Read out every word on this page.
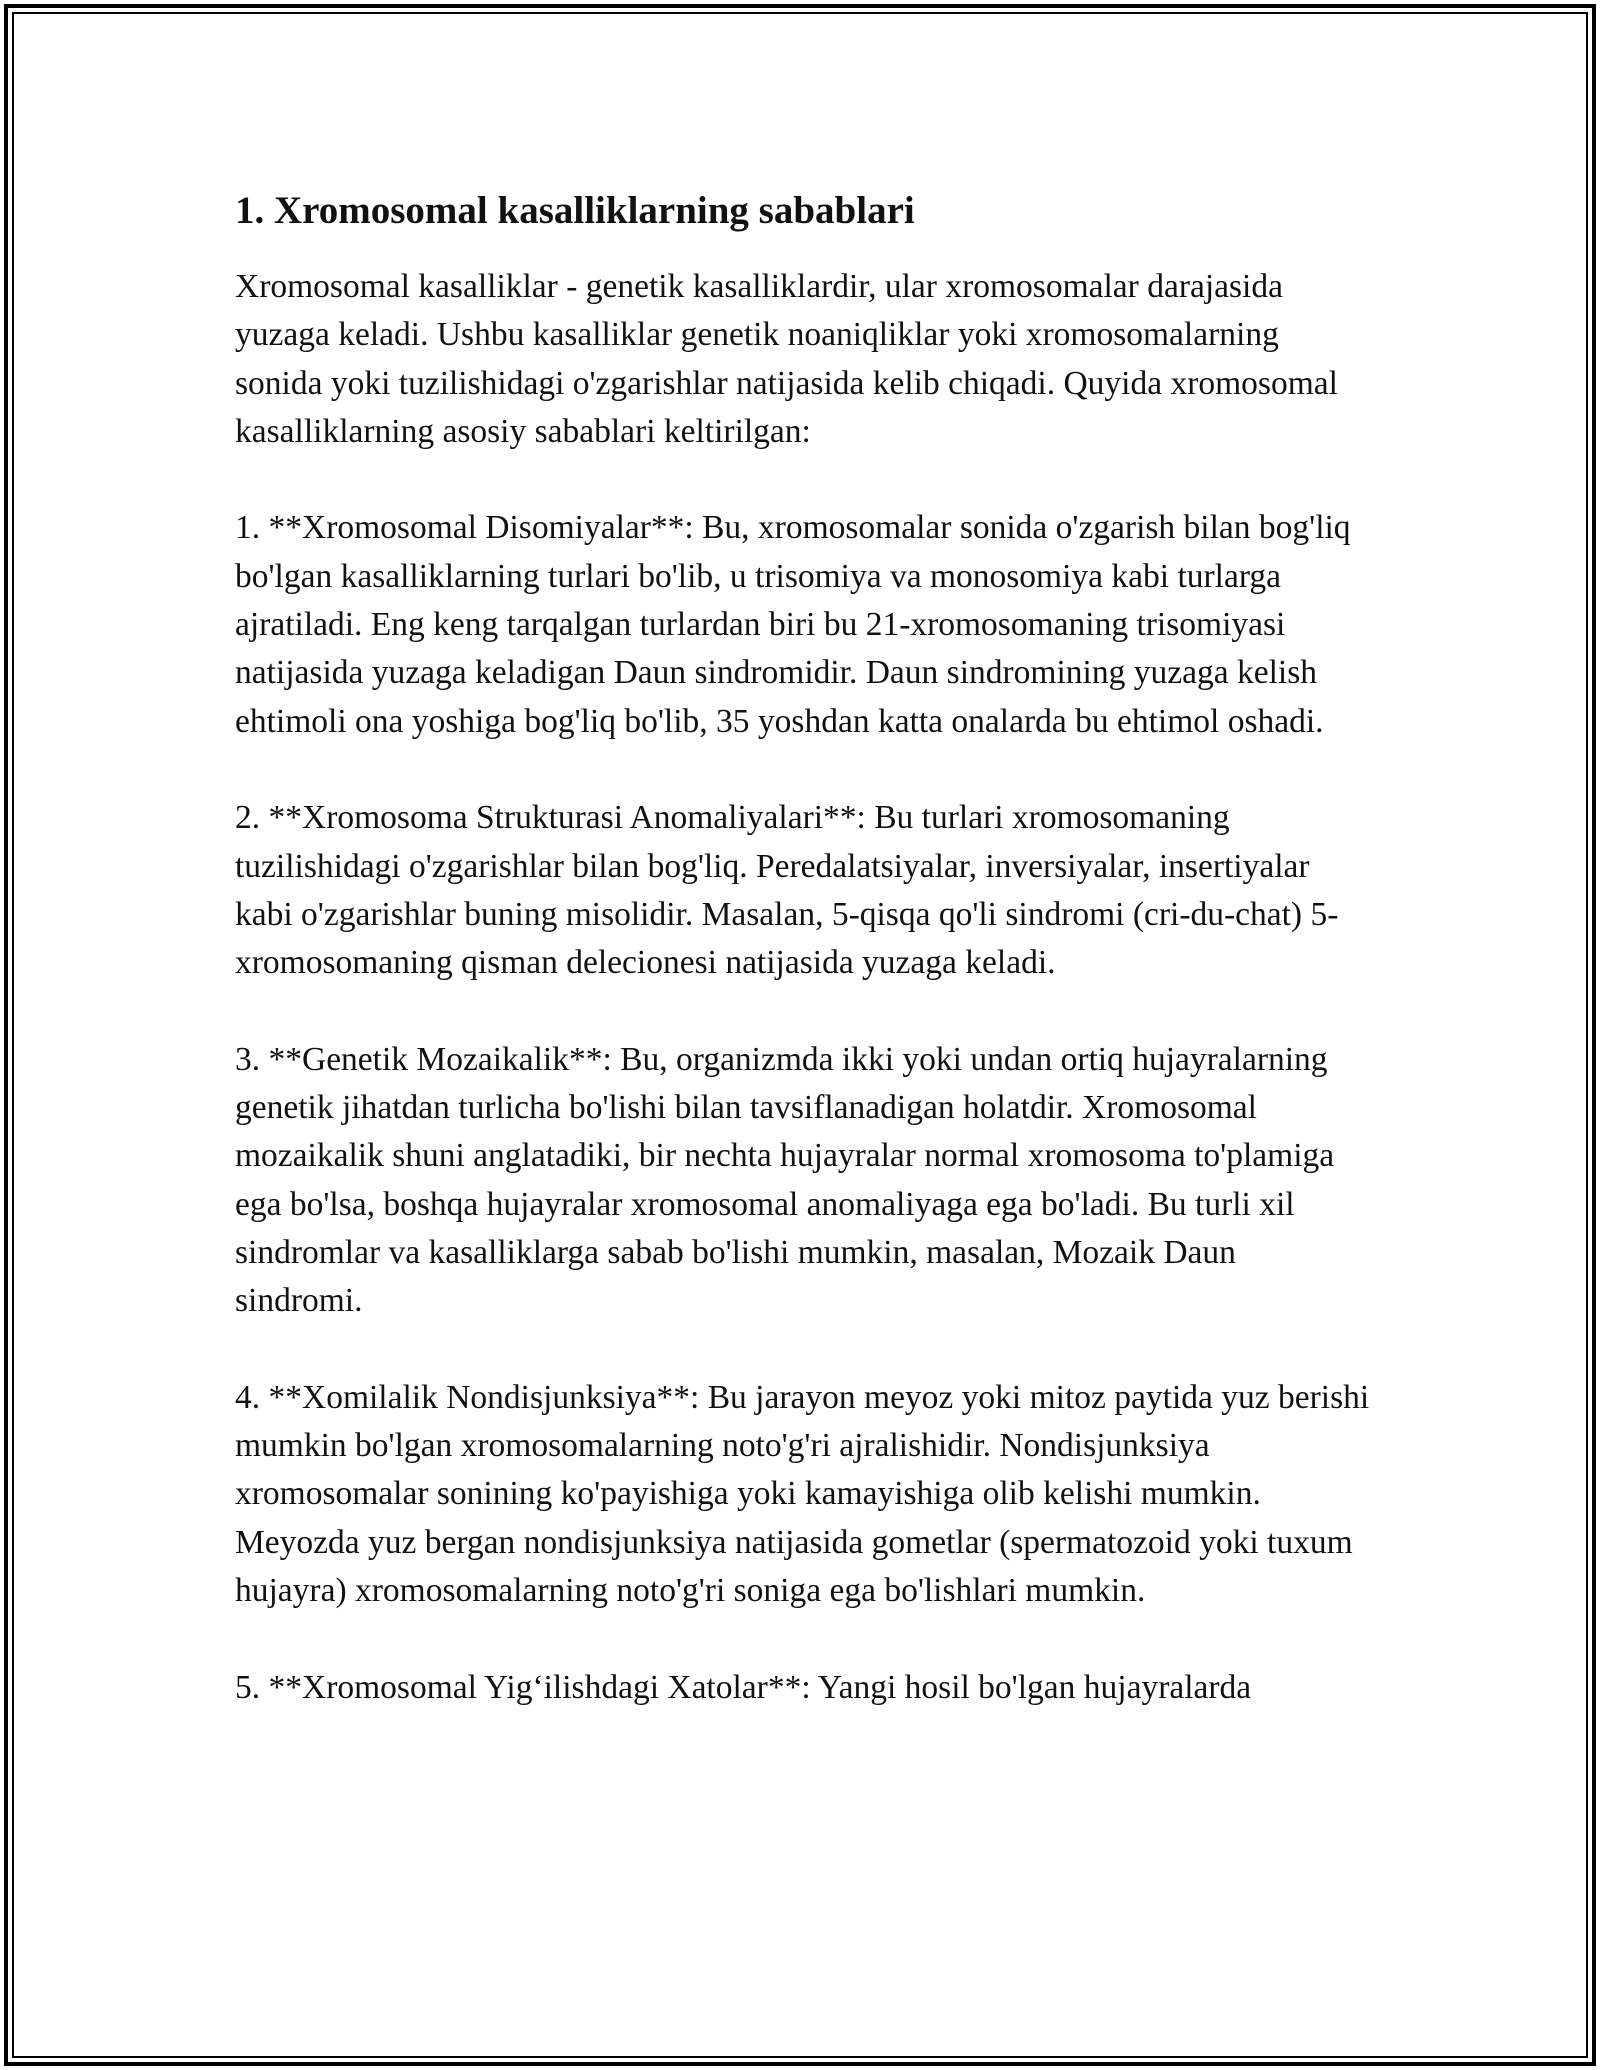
1. Xromosomal kasalliklarning sabablari

Xromosomal kasalliklar - genetik kasalliklardir, ular xromosomalar darajasida yuzaga keladi. Ushbu kasalliklar genetik noaniqliklar yoki xromosomalarning sonida yoki tuzilishidagi o'zgarishlar natijasida kelib chiqadi. Quyida xromosomal kasalliklarning asosiy sabablari keltirilgan:

1. **Xromosomal Disomiyalar**: Bu, xromosomalar sonida o'zgarish bilan bog'liq bo'lgan kasalliklarning turlari bo'lib, u trisomiya va monosomiya kabi turlarga ajratiladi. Eng keng tarqalgan turlardan biri bu 21-xromosomaning trisomiyasi natijasida yuzaga keladigan Daun sindromidir. Daun sindromining yuzaga kelish ehtimoli ona yoshiga bog'liq bo'lib, 35 yoshdan katta onalarda bu ehtimol oshadi.

2. **Xromosoma Strukturasi Anomaliyalari**: Bu turlari xromosomaning tuzilishidagi o'zgarishlar bilan bog'liq. Peredalatsiyalar, inversiyalar, insertiyalar kabi o'zgarishlar buning misolidir. Masalan, 5-qisqa qo'li sindromi (cri-du-chat) 5-xromosomaning qisman delecionesi natijasida yuzaga keladi.

3. **Genetik Mozaikalik**: Bu, organizmda ikki yoki undan ortiq hujayralarning genetik jihatdan turlicha bo'lishi bilan tavsiflanadigan holatdir. Xromosomal mozaikalik shuni anglatadiki, bir nechta hujayralar normal xromosoma to'plamiga ega bo'lsa, boshqa hujayralar xromosomal anomaliyaga ega bo'ladi. Bu turli xil sindromlar va kasalliklarga sabab bo'lishi mumkin, masalan, Mozaik Daun sindromi.

4. **Xomilalik Nondisjunksiya**: Bu jarayon meyoz yoki mitoz paytida yuz berishi mumkin bo'lgan xromosomalarning noto'g'ri ajralishidir. Nondisjunksiya xromosomalar sonining ko'payishiga yoki kamayishiga olib kelishi mumkin. Meyozda yuz bergan nondisjunksiya natijasida gometlar (spermatozoid yoki tuxum hujayra) xromosomalarning noto'g'ri soniga ega bo'lishlari mumkin.

5. **Xromosomal Yig‘ilishdagi Xatolar**: Yangi hosil bo'lgan hujayralarda
